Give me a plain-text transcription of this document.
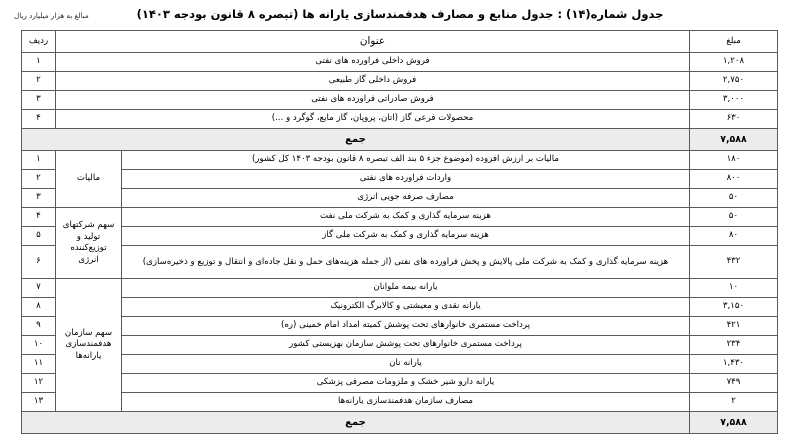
مبالغ به هزار میلیارد ریال	جدول شماره(۱۴) : جدول منابع و مصارف هدفمندسازی یارانه ها (تبصره ۸ قانون بودجه ۱۴۰۳)
مبلغ	عنوان		ردیف
۱,۲۰۸	فروش داخلی فراورده های نفتی		۱
۲,۷۵۰	فروش داخلی گاز طبیعی		۲
۳,۰۰۰	فروش صادراتی فراورده های نفتی		۳
۶۳۰	محصولات فرعی گاز (اتان، پروپان، گاز مایع، گوگرد و ...)		۴
۷,۵۸۸	جمع		
۱۸۰	مالیات بر ارزش افزوده (موضوع جزء ۵ بند الف تبصره ۸ قانون بودجه ۱۴۰۳ کل کشور)	مالیات	۱
۸۰۰	واردات فراورده های نفتی		۲
۵۰	مصارف صرفه جویی انرژی		۳
۵۰	هزینه سرمایه گذاری و کمک به شرکت ملی نفت	سهم شرکتهای تولید و توزیع‌کننده انرژی	۴
۸۰	هزینه سرمایه گذاری و کمک به شرکت ملی گاز		۵
۴۳۲	هزینه سرمایه گذاری و کمک به شرکت ملی پالایش و پخش فراورده های نفتی (از جمله هزینه‌های حمل و نقل جاده‌ای و انتقال و توزیع و ذخیره‌سازی)		۶
۱۰	یارانه بیمه ملوانان	سهم سازمان هدفمندسازی یارانه‌ها	۷
۳,۱۵۰	یارانه نقدی و معیشتی و کالابرگ الکترونیک		۸
۴۲۱	پرداخت مستمری خانوارهای تحت پوشش کمیته امداد امام خمینی (ره)		۹
۲۳۴	پرداخت مستمری خانوارهای تحت پوشش سازمان بهزیستی کشور		۱۰
۱,۴۳۰	یارانه نان		۱۱
۷۴۹	یارانه دارو شیر خشک و ملزومات مصرفی پزشکی		۱۲
۲	مصارف سازمان هدفمندسازی یارانه‌ها		۱۳
۷,۵۸۸	جمع		
